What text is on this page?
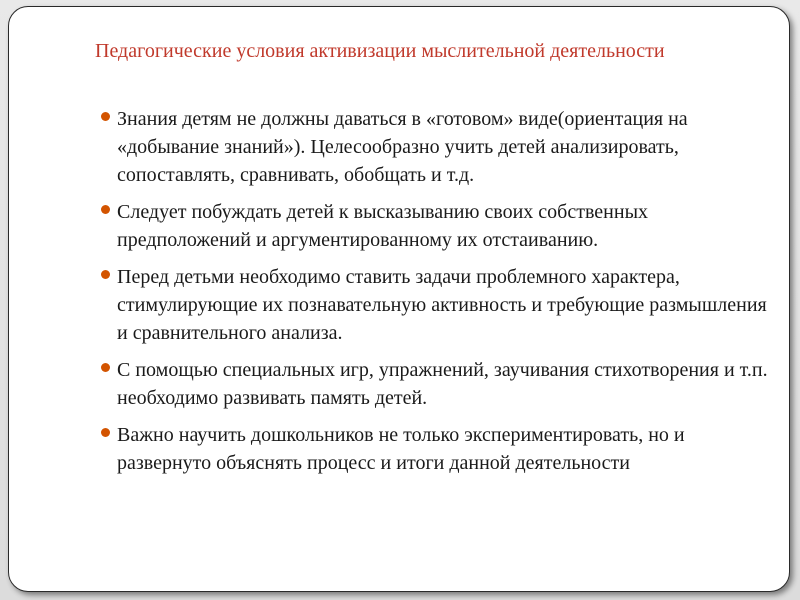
Педагогические условия активизации мыслительной деятельности
Знания детям не должны даваться в «готовом» виде(ориентация на «добывание знаний»). Целесообразно учить детей анализировать, сопоставлять, сравнивать, обобщать и т.д.
Следует побуждать детей к высказыванию своих собственных предположений и аргументированному их отстаиванию.
Перед детьми необходимо ставить задачи проблемного характера, стимулирующие их познавательную активность и требующие размышления и сравнительного анализа.
С помощью специальных игр, упражнений, заучивания стихотворения и т.п. необходимо развивать память детей.
Важно научить дошкольников не только экспериментировать, но и развернуто объяснять процесс и итоги данной деятельности
